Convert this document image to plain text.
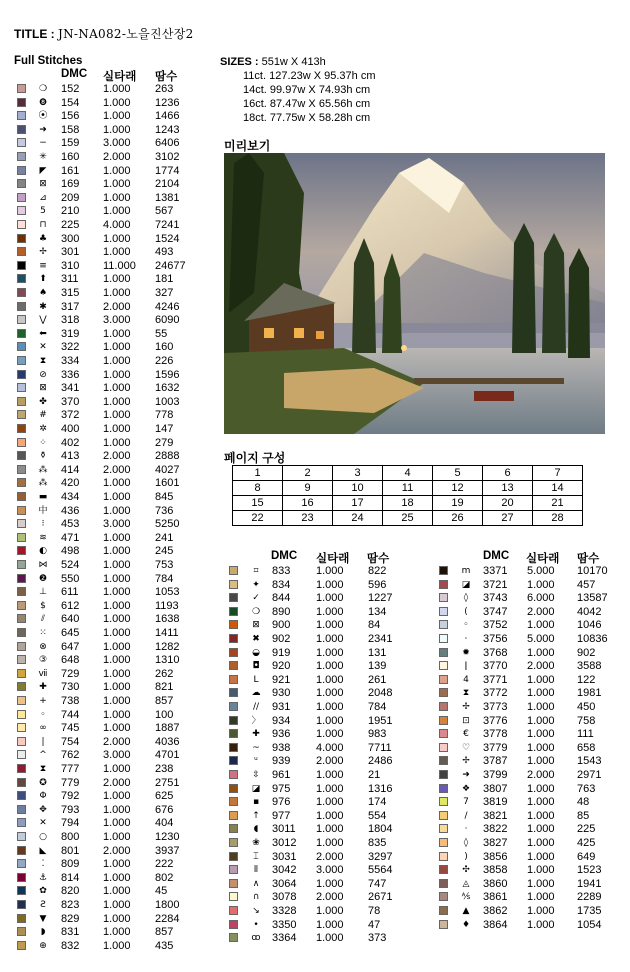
TITLE : JN-NA082-노을진산장2
Full Stitches
DMC 실타래 땀수
❍ 152 1.000 263
❽ 154 1.000 1236
⦿ 156 1.000 1466
➜ 158 1.000 1243
− 159 3.000 6406
✳ 160 2.000 3102
◤ 161 1.000 1774
⊠ 169 1.000 2104
⊿ 209 1.000 1381
5 210 1.000 567
⊓ 225 4.000 7241
♣ 300 1.000 1524
✢ 301 1.000 493
≡ 310 11.000 24677
⬆ 311 1.000 181
♠ 315 1.000 327
✱ 317 2.000 4246
⋁ 318 3.000 6090
⬅ 319 1.000 55
✕ 322 1.000 160
⧗ 334 1.000 226
⊘ 336 1.000 1596
⊠ 341 1.000 1632
✤ 370 1.000 1003
# 372 1.000 778
✲ 400 1.000 147
⁘ 402 1.000 279
⚱ 413 2.000 2888
⁂ 414 2.000 4027
⁂ 420 1.000 1601
▬ 434 1.000 845
中 436 1.000 736
⁝	453 3.000 5250
≋ 471 1.000 241
◐ 498 1.000 245
⋈ 524 1.000 753
❷ 550 1.000 784
⊥ 611 1.000 1053
$ 612 1.000 1193
⫽	640 1.000 1638
⁙ 645 1.000 1411
⊗ 647 1.000 1282
③ 648 1.000 1310
ⅶ 729 1.000 262
✚ 730 1.000 821
+ 738 1.000 857
◦	744 1.000 100
∞ 745 1.000 1887
|	754 2.000 4036
^ 762 3.000 4701
⧗ 777 1.000 238
✪ 779 2.000 2751
Φ 792 1.000 625
✥ 793 1.000 676
✕ 794 1.000 404
○ 800 1.000 1230
◣ 801 2.000 3937
⁚	809 1.000 222
⚓ 814 1.000 802
✿ 820 1.000 45
Ƨ 823 1.000 1800
▼ 829 1.000 2284
◗	831 1.000 857
⊕ 832 1.000 435
SIZES : 551w X 413h
11ct. 127.23w X 95.37h cm
14ct. 99.97w X 74.93h cm
16ct. 87.47w X 65.56h cm
18ct. 77.75w X 58.28h cm
미리보기
페이지 구성
1	2	3	4	5	6	7
8	9	10	11	12	13	14
15	16	17	18	19	20	21
22	23	24	25	26	27	28
DMC 실타래 땀수
⌗	833 1.000 822
✦ 834 1.000 596
✓ 844 1.000 1227
❍ 890 1.000 134
⊠ 900 1.000 84
✖ 902 1.000 2341
◒ 919 1.000 131
◘ 920 1.000 139
L	921 1.000 261
☁ 930 1.000 2048
// 931 1.000 784
〉 934 1.000 1951
✚ 936 1.000 983
~ 938 4.000 7711
ᵘ	939 2.000 2486
⇳ 961 1.000 21
◪ 975 1.000 1316
▪ 976 1.000 174
↑ 977 1.000 554
◖	3011 1.000 1804
❀ 3012 1.000 835
⌶ 3031 2.000 3297
⦀	3042 3.000 5564
∧ 3064 1.000 747
∩ 3078 2.000 2671
↘ 3328 1.000 78
•	3350 1.000 47
ꝏ 3364 1.000 373
DMC 실타래 땀수
m 3371 5.000 10170
◪ 3721 1.000 457
◊	3743 6.000 13587
(	3747 2.000 4042
◦	3752 1.000 1046
⸱	3756 5.000 10836
✹ 3768 1.000 902
ǀ	3770 2.000 3588
4 3771 1.000 122
⧗ 3772 1.000 1981
✢ 3773 1.000 450
⊡ 3776 1.000 758
€ 3778 1.000 111
♡ 3779 1.000 658
✢ 3787 1.000 1543
➜ 3799 2.000 2971
❖ 3807 1.000 763
7 3819 1.000 48
/	3821 1.000 85
·	3822 1.000 225
◊	3827 1.000 425
)	3856 1.000 649
✣ 3858 1.000 1523
◬ 3860 1.000 1941
⅍ 3861 1.000 2289
▲ 3862 1.000 1735
♦ 3864 1.000 1054
